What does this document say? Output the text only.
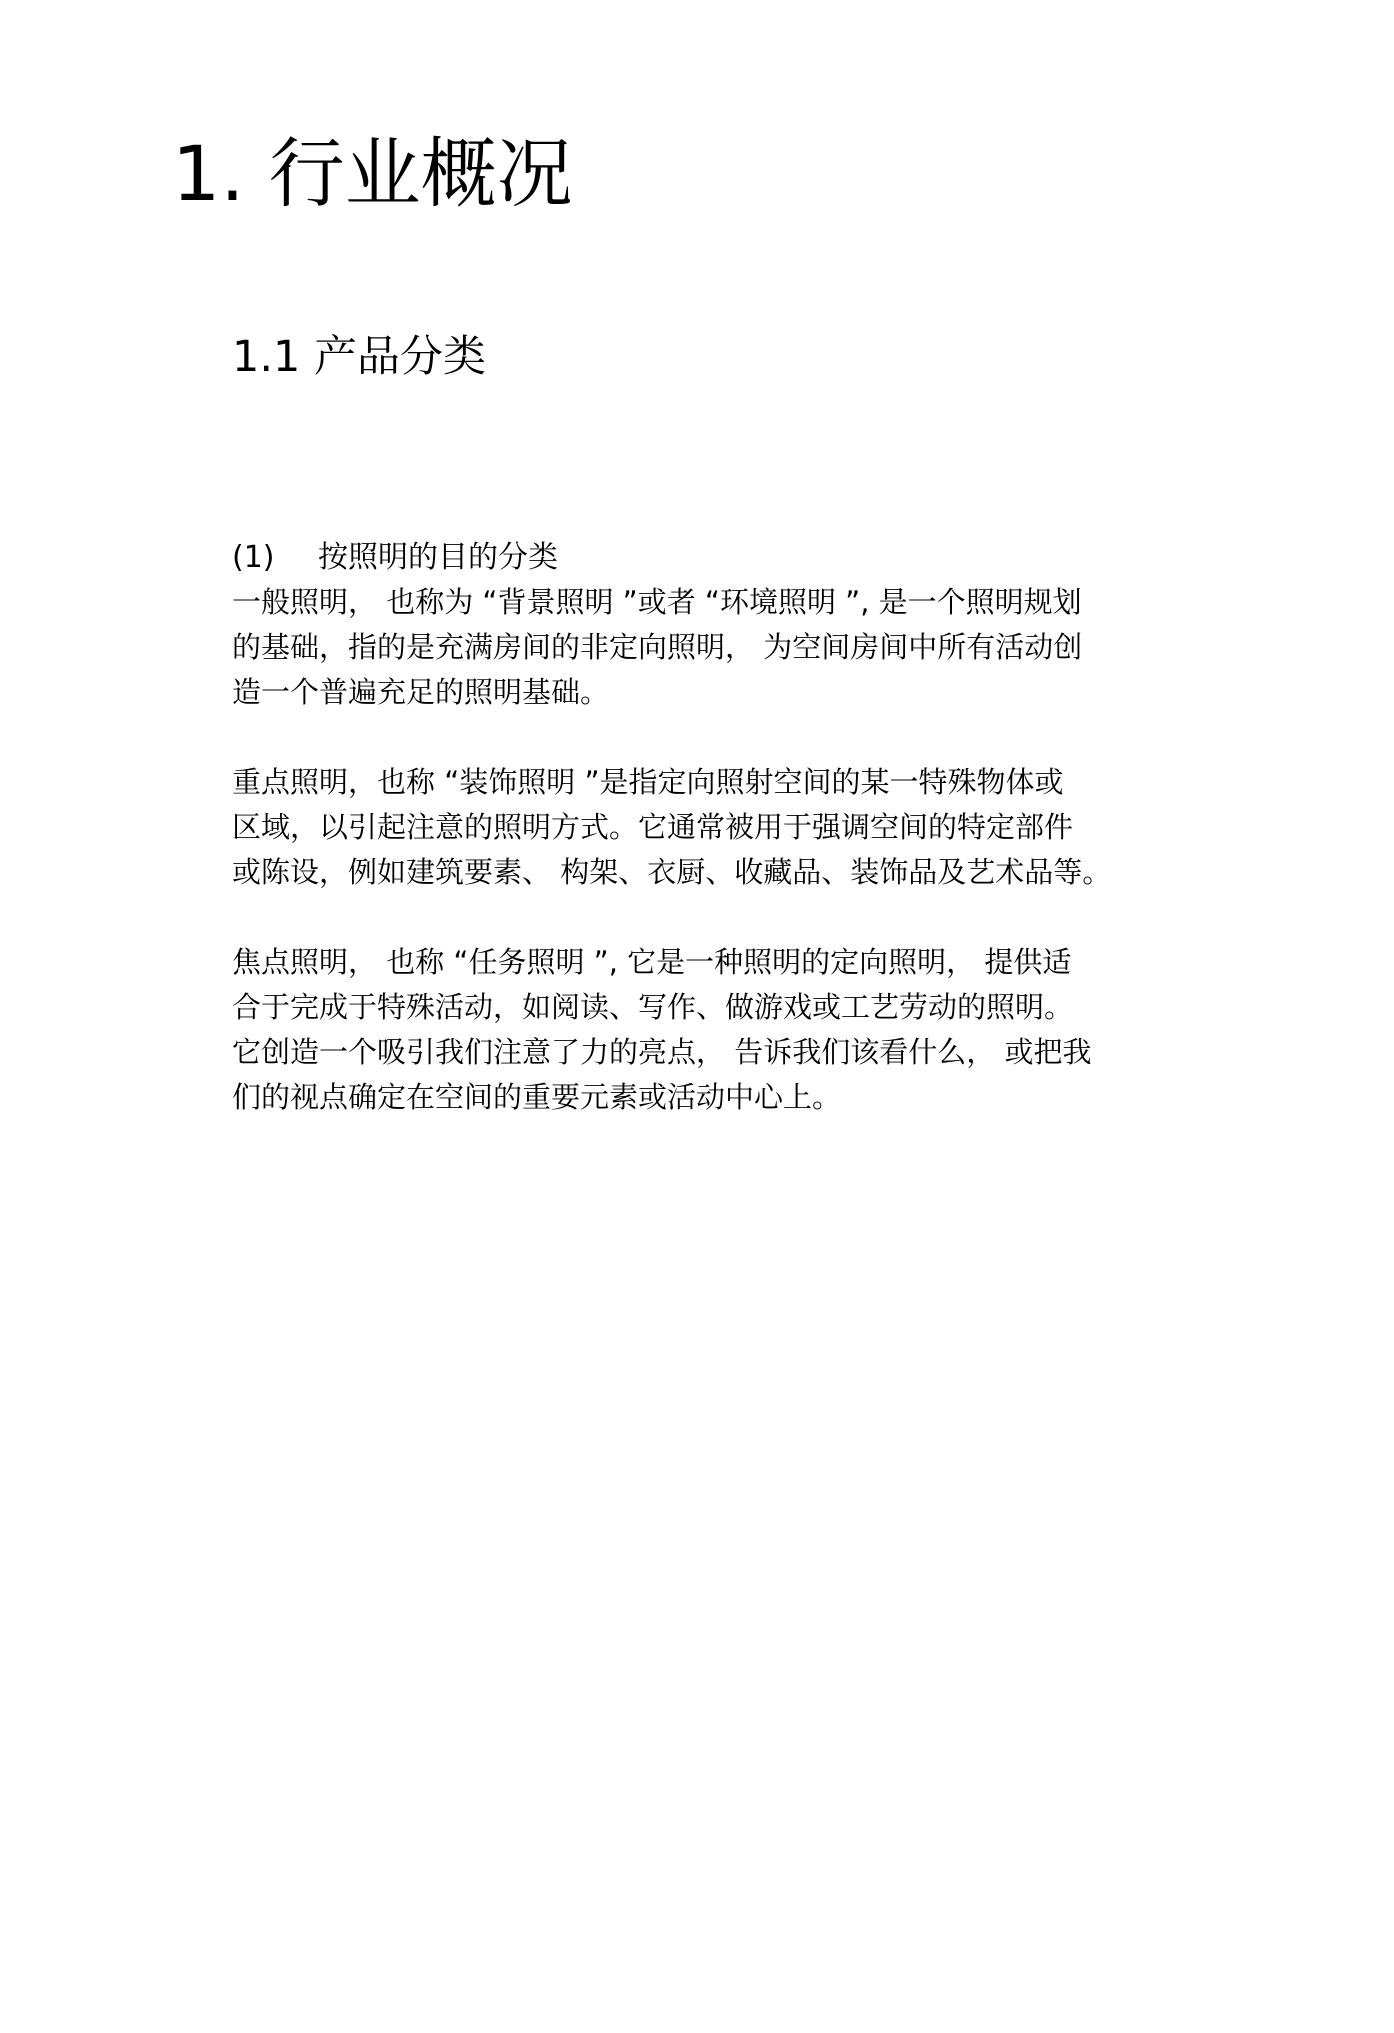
1. 行业概况
1.1 产品分类
(1) 按照明的目的分类

一般照明， 也称为 “背景照明 ”或者 “环境照明 ”, 是一个照明规划
的基础，指的是充满房间的非定向照明， 为空间房间中所有活动创
造一个普遍充足的照明基础。

重点照明，也称 “装饰照明 ”是指定向照射空间的某一特殊物体或
区域，以引起注意的照明方式。它通常被用于强调空间的特定部件
或陈设，例如建筑要素、 构架、衣厨、收藏品、装饰品及艺术品等。

焦点照明， 也称 “任务照明 ”, 它是一种照明的定向照明， 提供适
合于完成于特殊活动，如阅读、写作、做游戏或工艺劳动的照明。
它创造一个吸引我们注意了力的亮点， 告诉我们该看什么， 或把我
们的视点确定在空间的重要元素或活动中心上。
